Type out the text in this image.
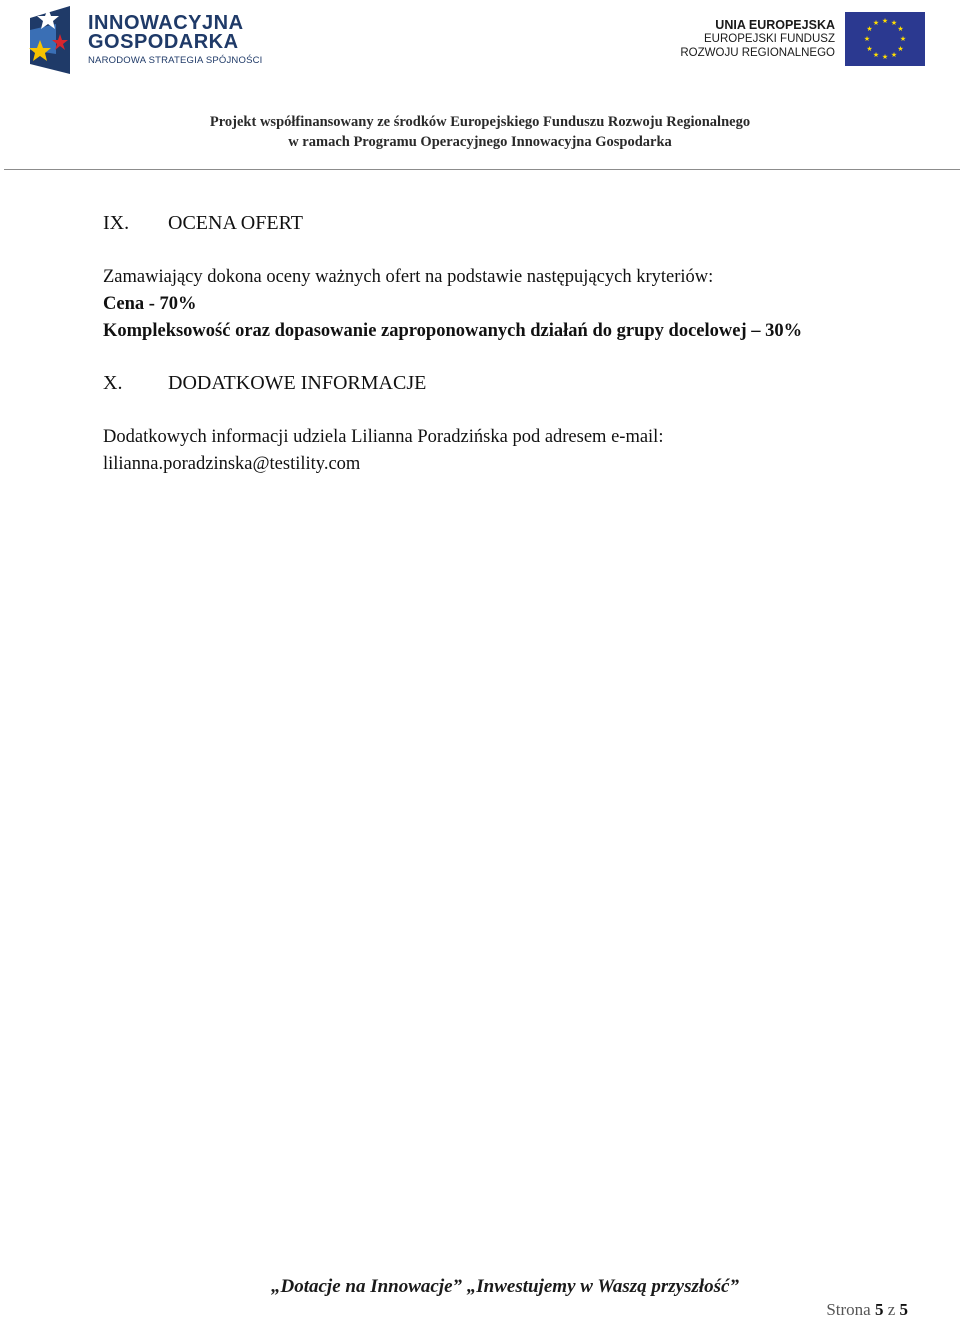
INNOWACYJNA
GOSPODARKA
NARODOWA STRATEGIA SPÓJNOŚCI
UNIA EUROPEJSKA
EUROPEJSKI FUNDUSZ
ROZWOJU REGIONALNEGO
★ ★
★
★
★
★
★
★
★
★
★
★
Projekt współfinansowany ze środków Europejskiego Funduszu Rozwoju Regionalnego
w ramach Programu Operacyjnego Innowacyjna Gospodarka
IX. OCENA OFERT
Zamawiający dokona oceny ważnych ofert na podstawie następujących kryteriów:
Cena - 70%
Kompleksowość oraz dopasowanie zaproponowanych działań do grupy docelowej – 30%
X. DODATKOWE INFORMACJE
Dodatkowych informacji udziela Lilianna Poradzińska pod adresem e-mail:
lilianna.poradzinska@testility.com
„Dotacje na Innowacje” „Inwestujemy w Waszą przyszłość”
Strona 5 z 5
